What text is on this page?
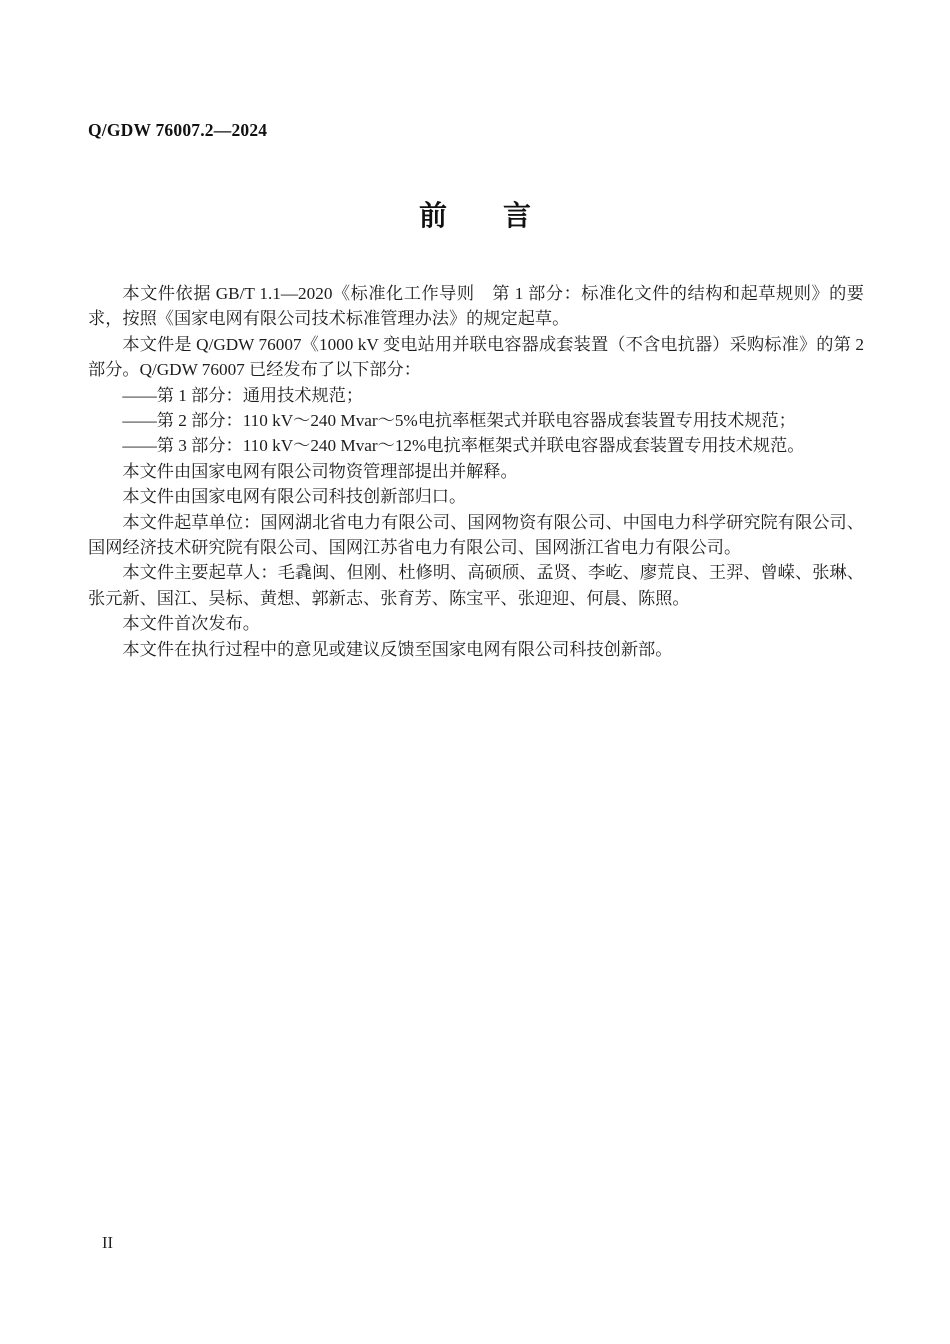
Q/GDW 76007.2—2024
前　　言

本文件依据 GB/T 1.1—2020《标准化工作导则　第 1 部分：标准化文件的结构和起草规则》的要求，按照《国家电网有限公司技术标准管理办法》的规定起草。

本文件是 Q/GDW 76007《1000 kV 变电站用并联电容器成套装置（不含电抗器）采购标准》的第 2 部分。Q/GDW 76007 已经发布了以下部分：

——第 1 部分：通用技术规范；

——第 2 部分：110 kV～240 Mvar～5%电抗率框架式并联电容器成套装置专用技术规范；

——第 3 部分：110 kV～240 Mvar～12%电抗率框架式并联电容器成套装置专用技术规范。

本文件由国家电网有限公司物资管理部提出并解释。

本文件由国家电网有限公司科技创新部归口。

本文件起草单位：国网湖北省电力有限公司、国网物资有限公司、中国电力科学研究院有限公司、国网经济技术研究院有限公司、国网江苏省电力有限公司、国网浙江省电力有限公司。

本文件主要起草人：毛毳闽、但刚、杜修明、高硕颀、孟贤、李屹、廖荒良、王羿、曾嵘、张琳、张元新、国江、吴标、黄想、郭新志、张育芳、陈宝平、张迎迎、何晨、陈照。

本文件首次发布。

本文件在执行过程中的意见或建议反馈至国家电网有限公司科技创新部。

II
